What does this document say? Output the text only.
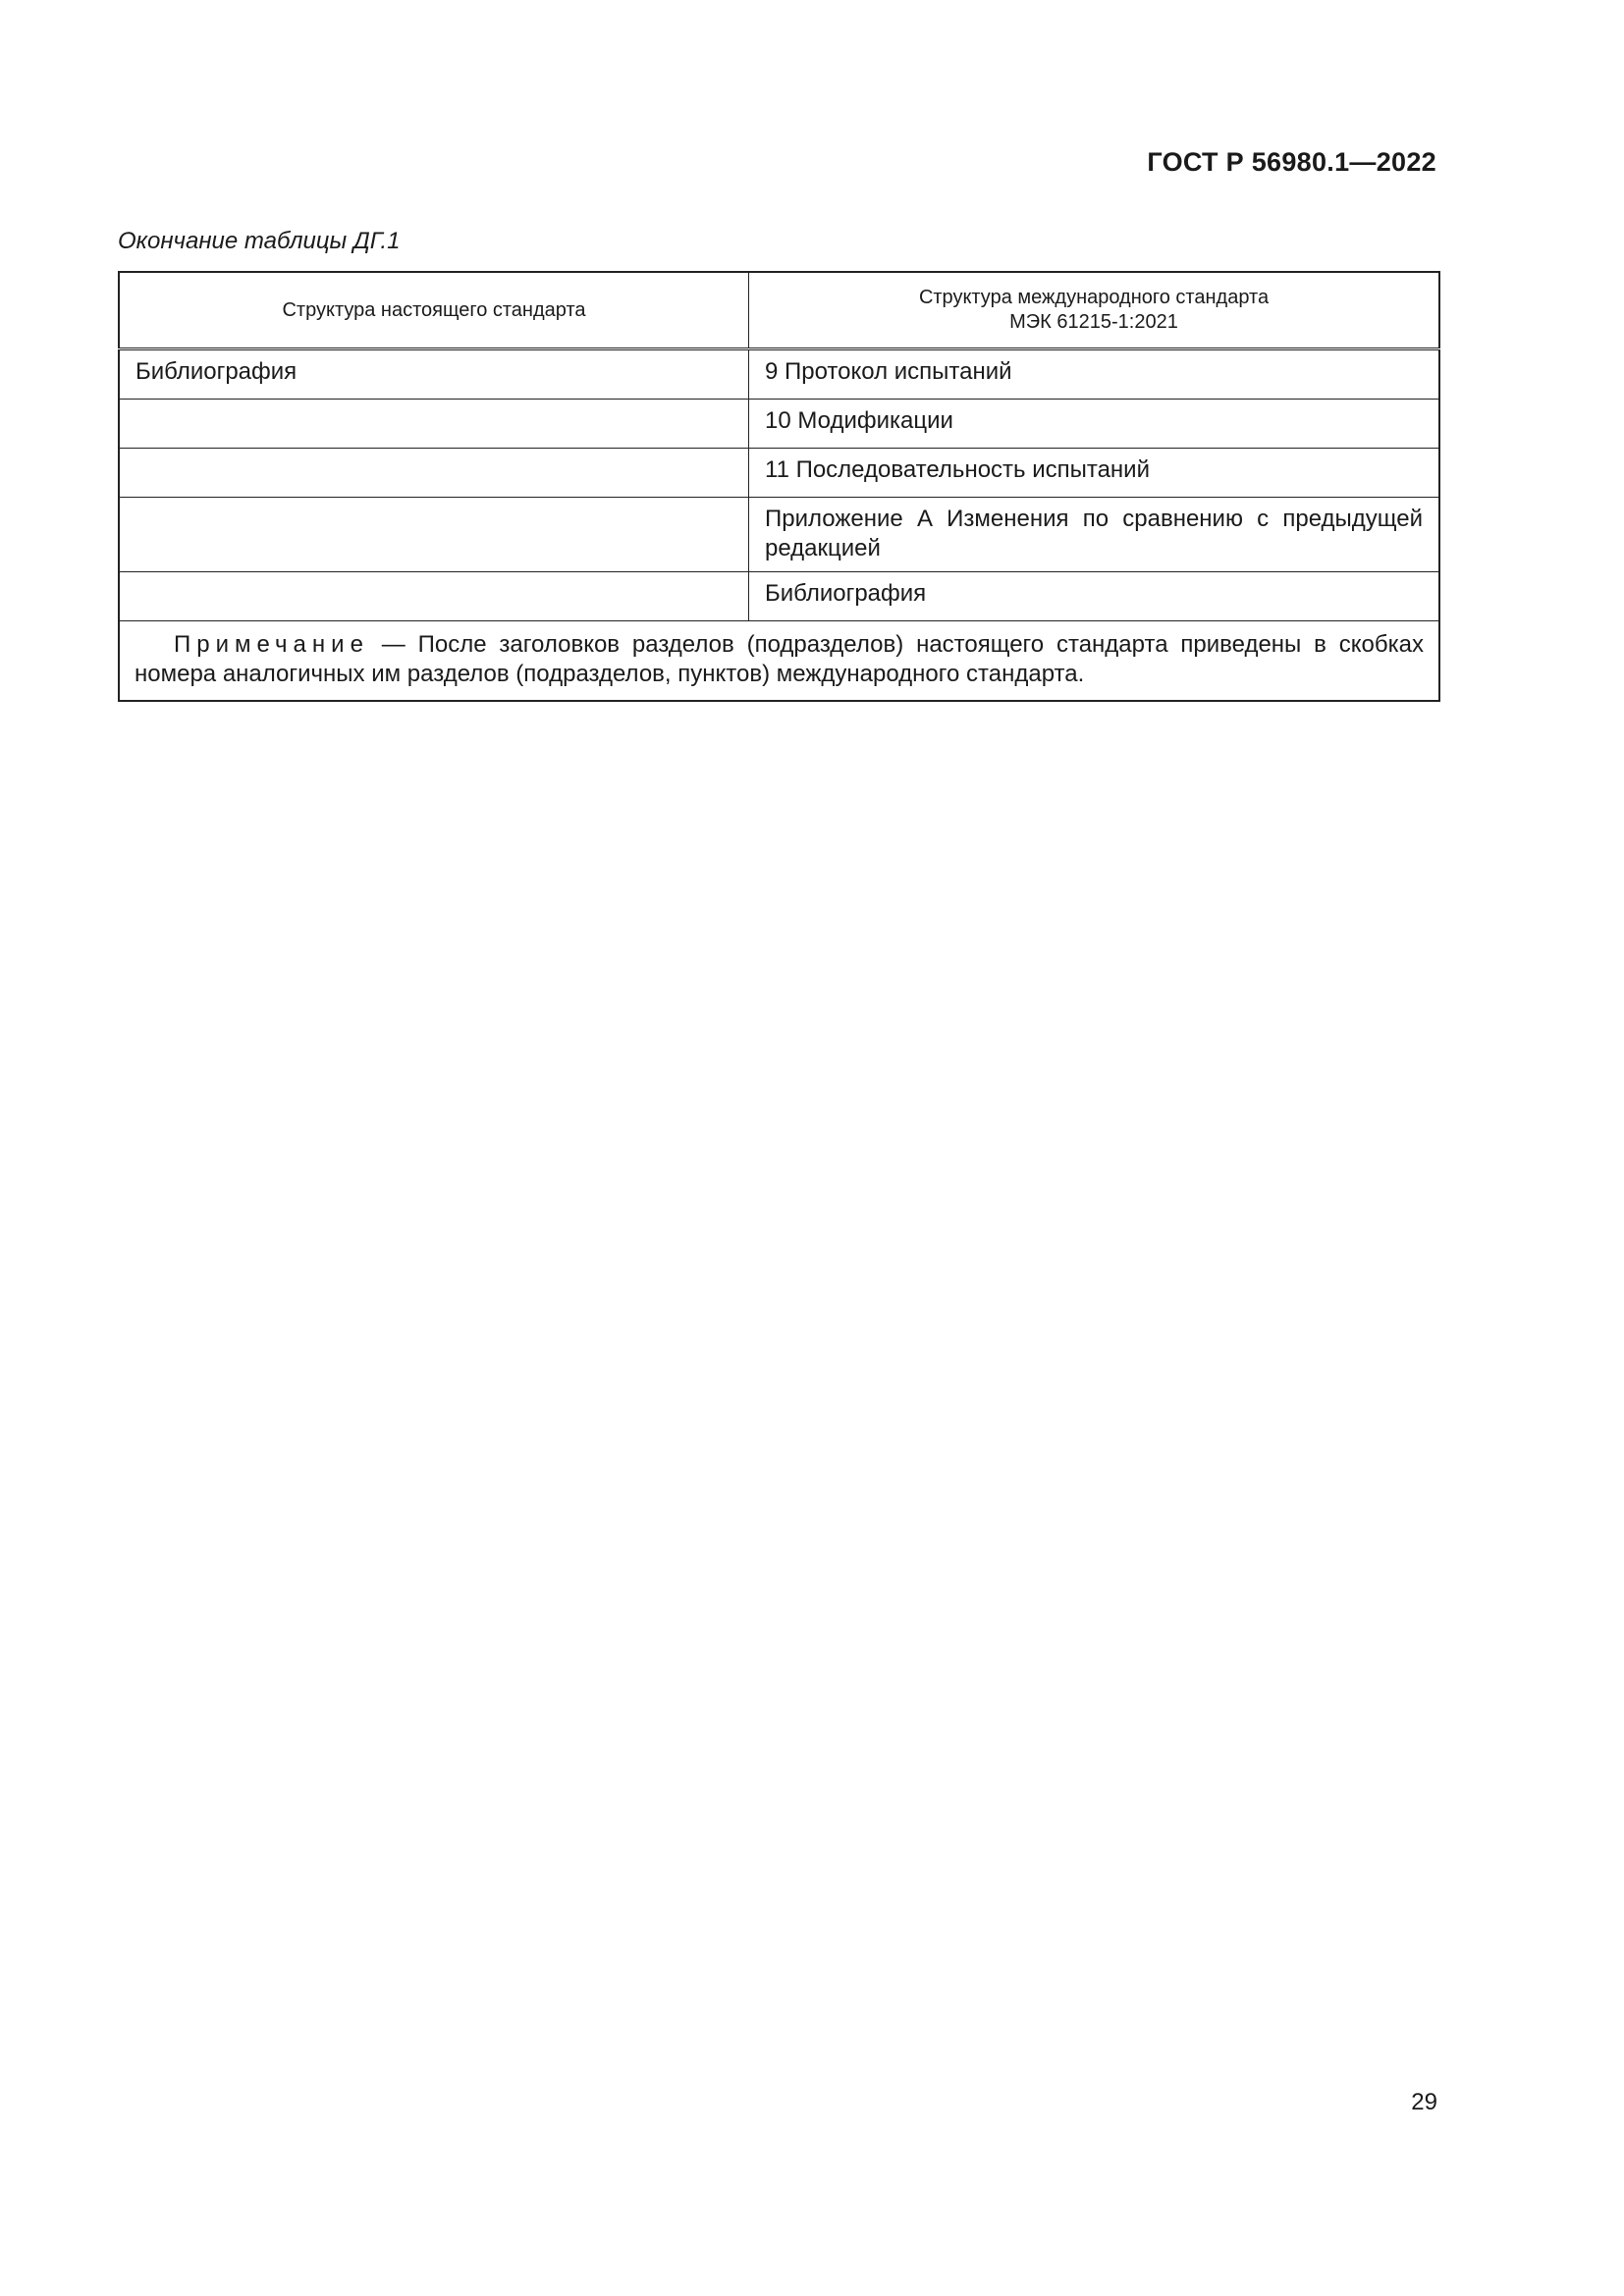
ГОСТ Р 56980.1—2022
Окончание таблицы ДГ.1
Структура настоящего стандарта	Структура международного стандарта
МЭК 61215-1:2021

Библиография	9 Протокол испытаний
	10 Модификации
	11 Последовательность испытаний
	Приложение А Изменения по сравнению с предыдущей редакцией
	Библиография
Примечание — После заголовков разделов (подразделов) настоящего стандарта приведены в скобках номера аналогичных им разделов (подразделов, пунктов) международного стандарта.	
29
